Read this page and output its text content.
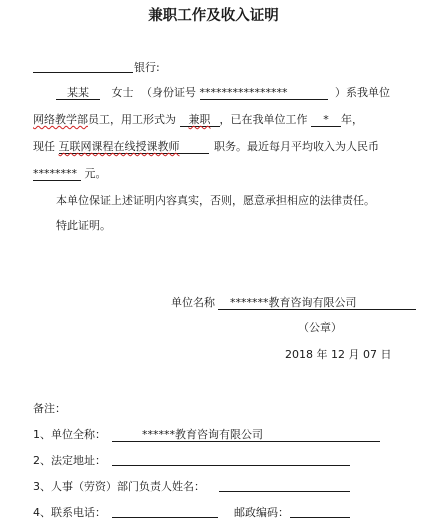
兼职工作及收入证明
银行:
某某 女士 （身份证号 ****************	）系我单位
网络教学部员工，用工形式为 兼职 ，已在我单位工作 * 年，
现任 互联网课程在线授课教师	职务。最近每月平均收入为人民币
******** 元。
本单位保证上述证明内容真实，否则，愿意承担相应的法律责任。
特此证明。
单位名称	*******教育咨询有限公司
（公章）
2018 年 12 月 07 日
备注：
1、单位全称：	******教育咨询有限公司
2、法定地址：
3、人事（劳资）部门负责人姓名：
4、联系电话：	邮政编码：
